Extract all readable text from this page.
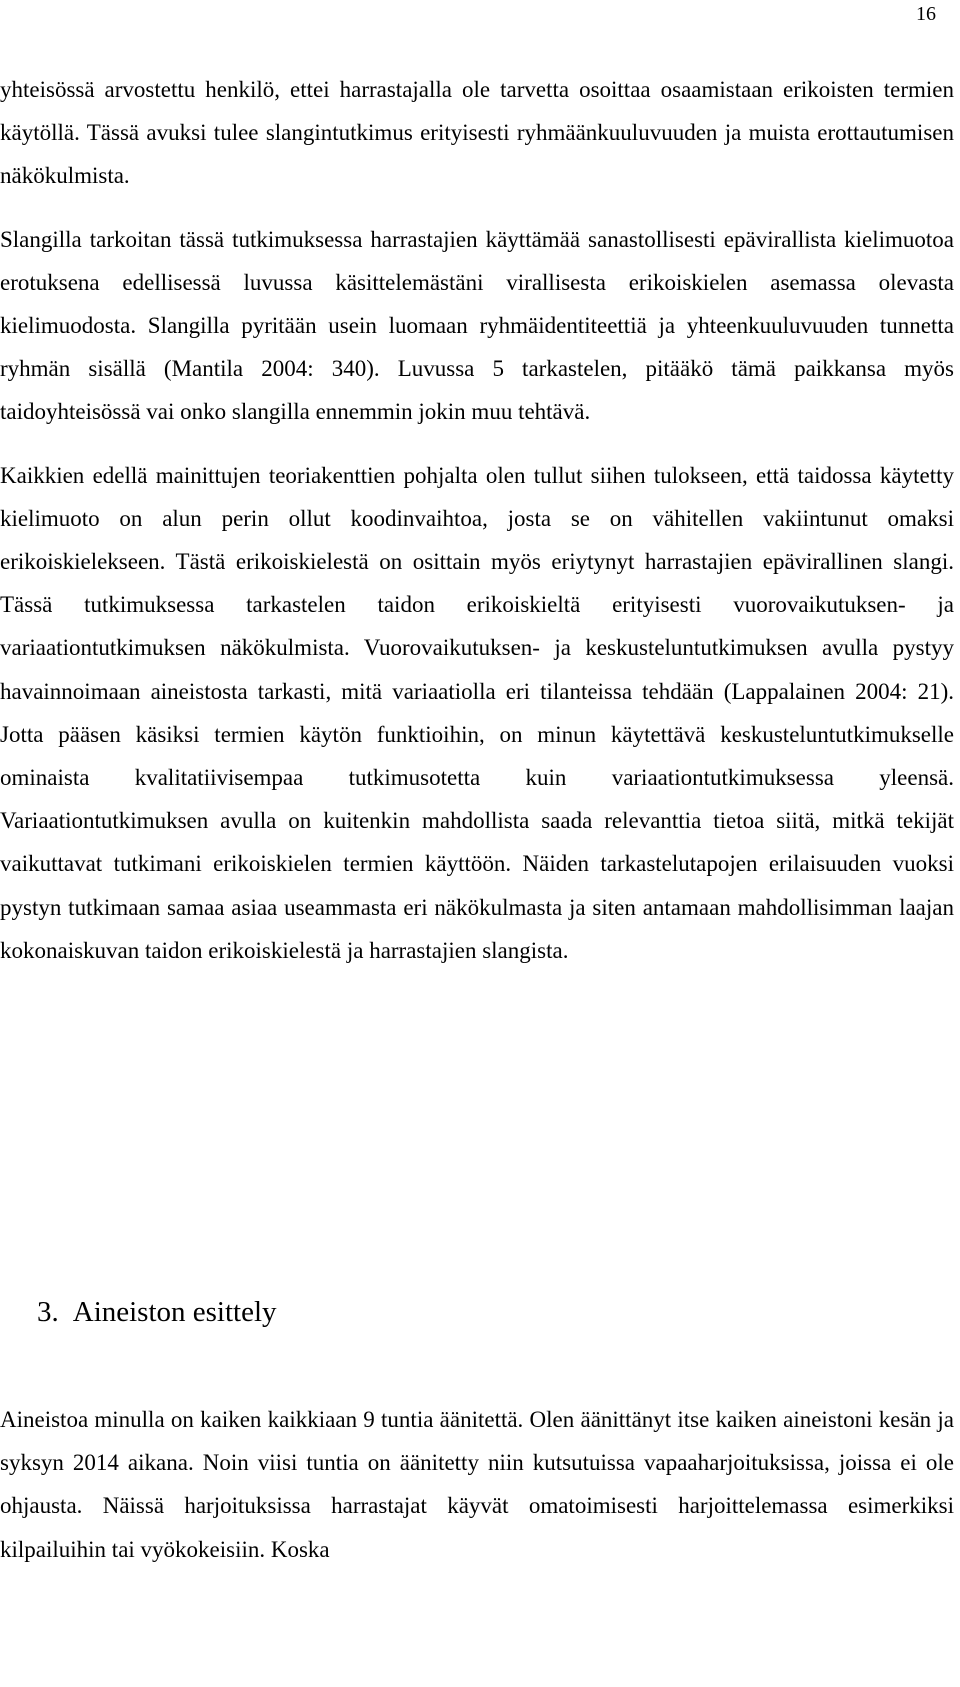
16

yhteisössä arvostettu henkilö, ettei harrastajalla ole tarvetta osoittaa osaamistaan erikoisten termien käytöllä. Tässä avuksi tulee slangintutkimus erityisesti ryhmäänkuuluvuuden ja muista erottautumisen näkökulmista.

Slangilla tarkoitan tässä tutkimuksessa harrastajien käyttämää sanastollisesti epävirallista kielimuotoa erotuksena edellisessä luvussa käsittelemästäni virallisesta erikoiskielen asemassa olevasta kielimuodosta. Slangilla pyritään usein luomaan ryhmäidentiteettiä ja yhteenkuuluvuuden tunnetta ryhmän sisällä (Mantila 2004: 340). Luvussa 5 tarkastelen, pitääkö tämä paikkansa myös taidoyhteisössä vai onko slangilla ennemmin jokin muu tehtävä.

Kaikkien edellä mainittujen teoriakenttien pohjalta olen tullut siihen tulokseen, että taidossa käytetty kielimuoto on alun perin ollut koodinvaihtoa, josta se on vähitellen vakiintunut omaksi erikoiskielekseen. Tästä erikoiskielestä on osittain myös eriytynyt harrastajien epävirallinen slangi. Tässä tutkimuksessa tarkastelen taidon erikoiskieltä erityisesti vuorovaikutuksen- ja variaationtutkimuksen näkökulmista. Vuorovaikutuksen- ja keskusteluntutkimuksen avulla pystyy havainnoimaan aineistosta tarkasti, mitä variaatiolla eri tilanteissa tehdään (Lappalainen 2004: 21). Jotta pääsen käsiksi termien käytön funktioihin, on minun käytettävä keskusteluntutkimukselle ominaista kvalitatiivisempaa tutkimusotetta kuin variaationtutkimuksessa yleensä. Variaationtutkimuksen avulla on kuitenkin mahdollista saada relevanttia tietoa siitä, mitkä tekijät vaikuttavat tutkimani erikoiskielen termien käyttöön. Näiden tarkastelutapojen erilaisuuden vuoksi pystyn tutkimaan samaa asiaa useammasta eri näkökulmasta ja siten antamaan mahdollisimman laajan kokonaiskuvan taidon erikoiskielestä ja harrastajien slangista.

3. Aineiston esittely

Aineistoa minulla on kaiken kaikkiaan 9 tuntia äänitettä. Olen äänittänyt itse kaiken aineistoni kesän ja syksyn 2014 aikana. Noin viisi tuntia on äänitetty niin kutsutuissa vapaaharjoituksissa, joissa ei ole ohjausta. Näissä harjoituksissa harrastajat käyvät omatoimisesti harjoittelemassa esimerkiksi kilpailuihin tai vyökokeisiin. Koska
